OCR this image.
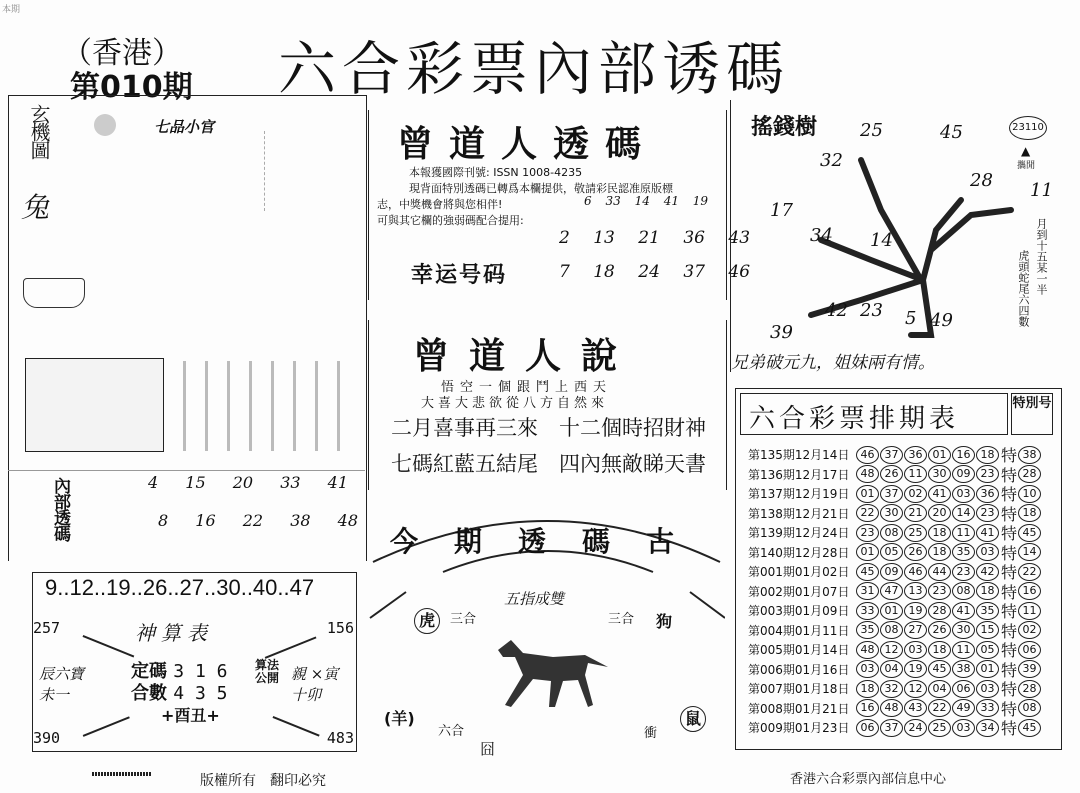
本期
（香港）
第010期 六合彩票內部诱碼
玄機圖
兔
七品小官
內部透碼	4 15 20 33 41
8 16 22 38 48
9..12..19..26..27..30..40..47
257	156
390	483
神算表
定碼 3 1 6
合數 4 3 5
算法公開
+酉丑+
辰六寶 未一
親 ×寅 十卯
曾道人透碼
本報獲國際刊號: ISSN 1008-4235
現背面特別透碼已轉爲本欄提供，敬請彩民認准原版標
志，中獎機會將與您相伴!
可與其它欄的強弱碼配合提用:
6 33 14 41 19
2 13 21 36 43
幸运号码	7 18 24 37 46
曾道人說
悟空一個跟鬥上西天
大喜大悲欲從八方自然來
二月喜事再三來 十二個時招財神
七碼紅藍五結尾 四內無敵睇天書
今期透碼古
五指成雙
三合	三合
虎	狗
(羊)	鼠
六合	衝
囧
搖錢樹	23110
▲
攜閒
月到十五某一半
虎頭蛇尾六四數
兄弟破元九，姐妹兩有情。
25	45
32
28 11
17
34 14
42	5
23	49
39
六合彩票排期表
特別号
第135期12月14日	46 37 36 01 16 18 特 38
第136期12月17日	48 26 11 30 09 23 特 28
第137期12月19日	01 37 02 41 03 36 特 10
第138期12月21日	22 30 21 20 14 23 特 18
第139期12月24日	23 08 25 18 11 41 特 45
第140期12月28日	01 05 26 18 35 03 特 14
第001期01月02日	45 09 46 44 23 42 特 22
第002期01月07日	31 47 13 23 08 18 特 16
第003期01月09日	33 01 19 28 41 35 特 11
第004期01月11日	35 08 27 26 30 15 特 02
第005期01月14日	48 12 03 18 11 05 特 06
第006期01月16日	03 04 19 45 38 01 特 39
第007期01月18日	18 32 12 04 06 03 特 28
第008期01月21日	16 48 43 22 49 33 特 08
第009期01月23日	06 37 24 25 03 34 特 45
版權所有　翻印必究	香港六合彩票內部信息中心
